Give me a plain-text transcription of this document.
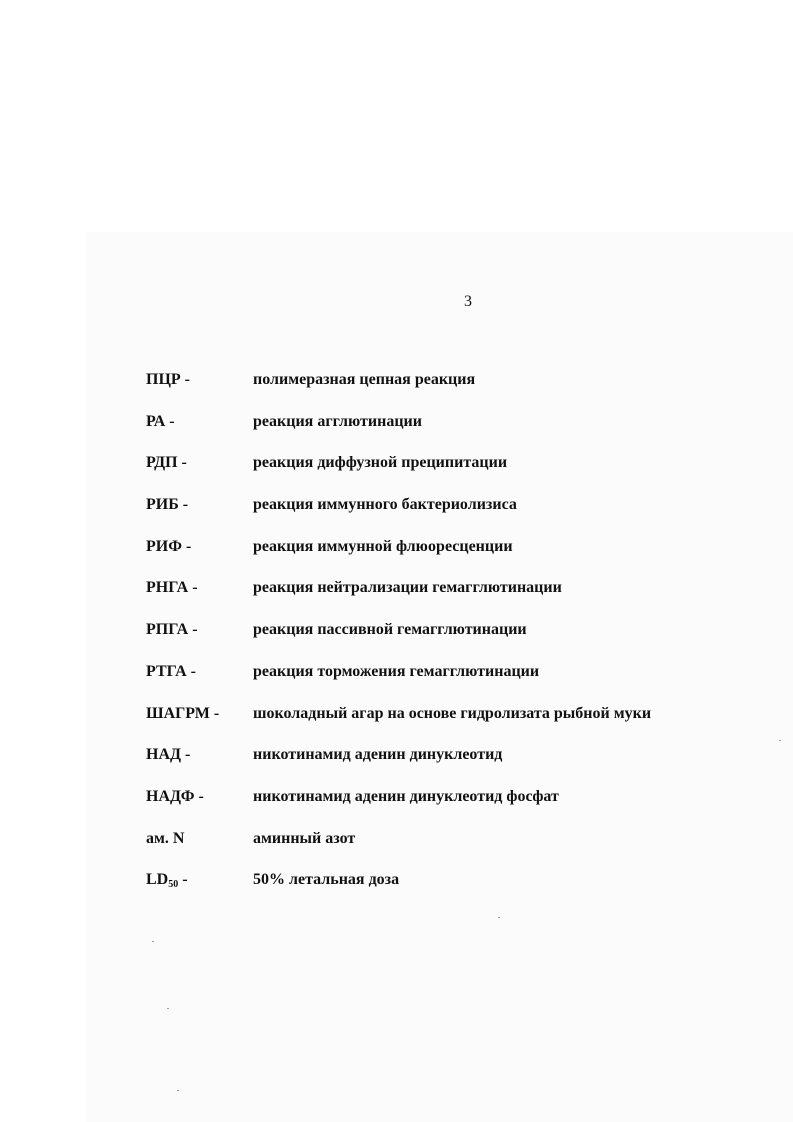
3
ПЦР -	полимеразная цепная реакция
РА -	реакция агглютинации
РДП -	реакция диффузной преципитации
РИБ -	реакция иммунного бактериолизиса
РИФ -	реакция иммунной флюоресценции
РНГА -	реакция нейтрализации гемагглютинации
РПГА -	реакция пассивной гемагглютинации
РТГА -	реакция торможения гемагглютинации
ШАГРМ - шоколадный агар на основе гидролизата рыбной муки
НАД -	никотинамид аденин динуклеотид
НАДФ -	никотинамид аденин динуклеотид фосфат
ам. N	аминный азот
$LD_{50}$ -	50% летальная доза
